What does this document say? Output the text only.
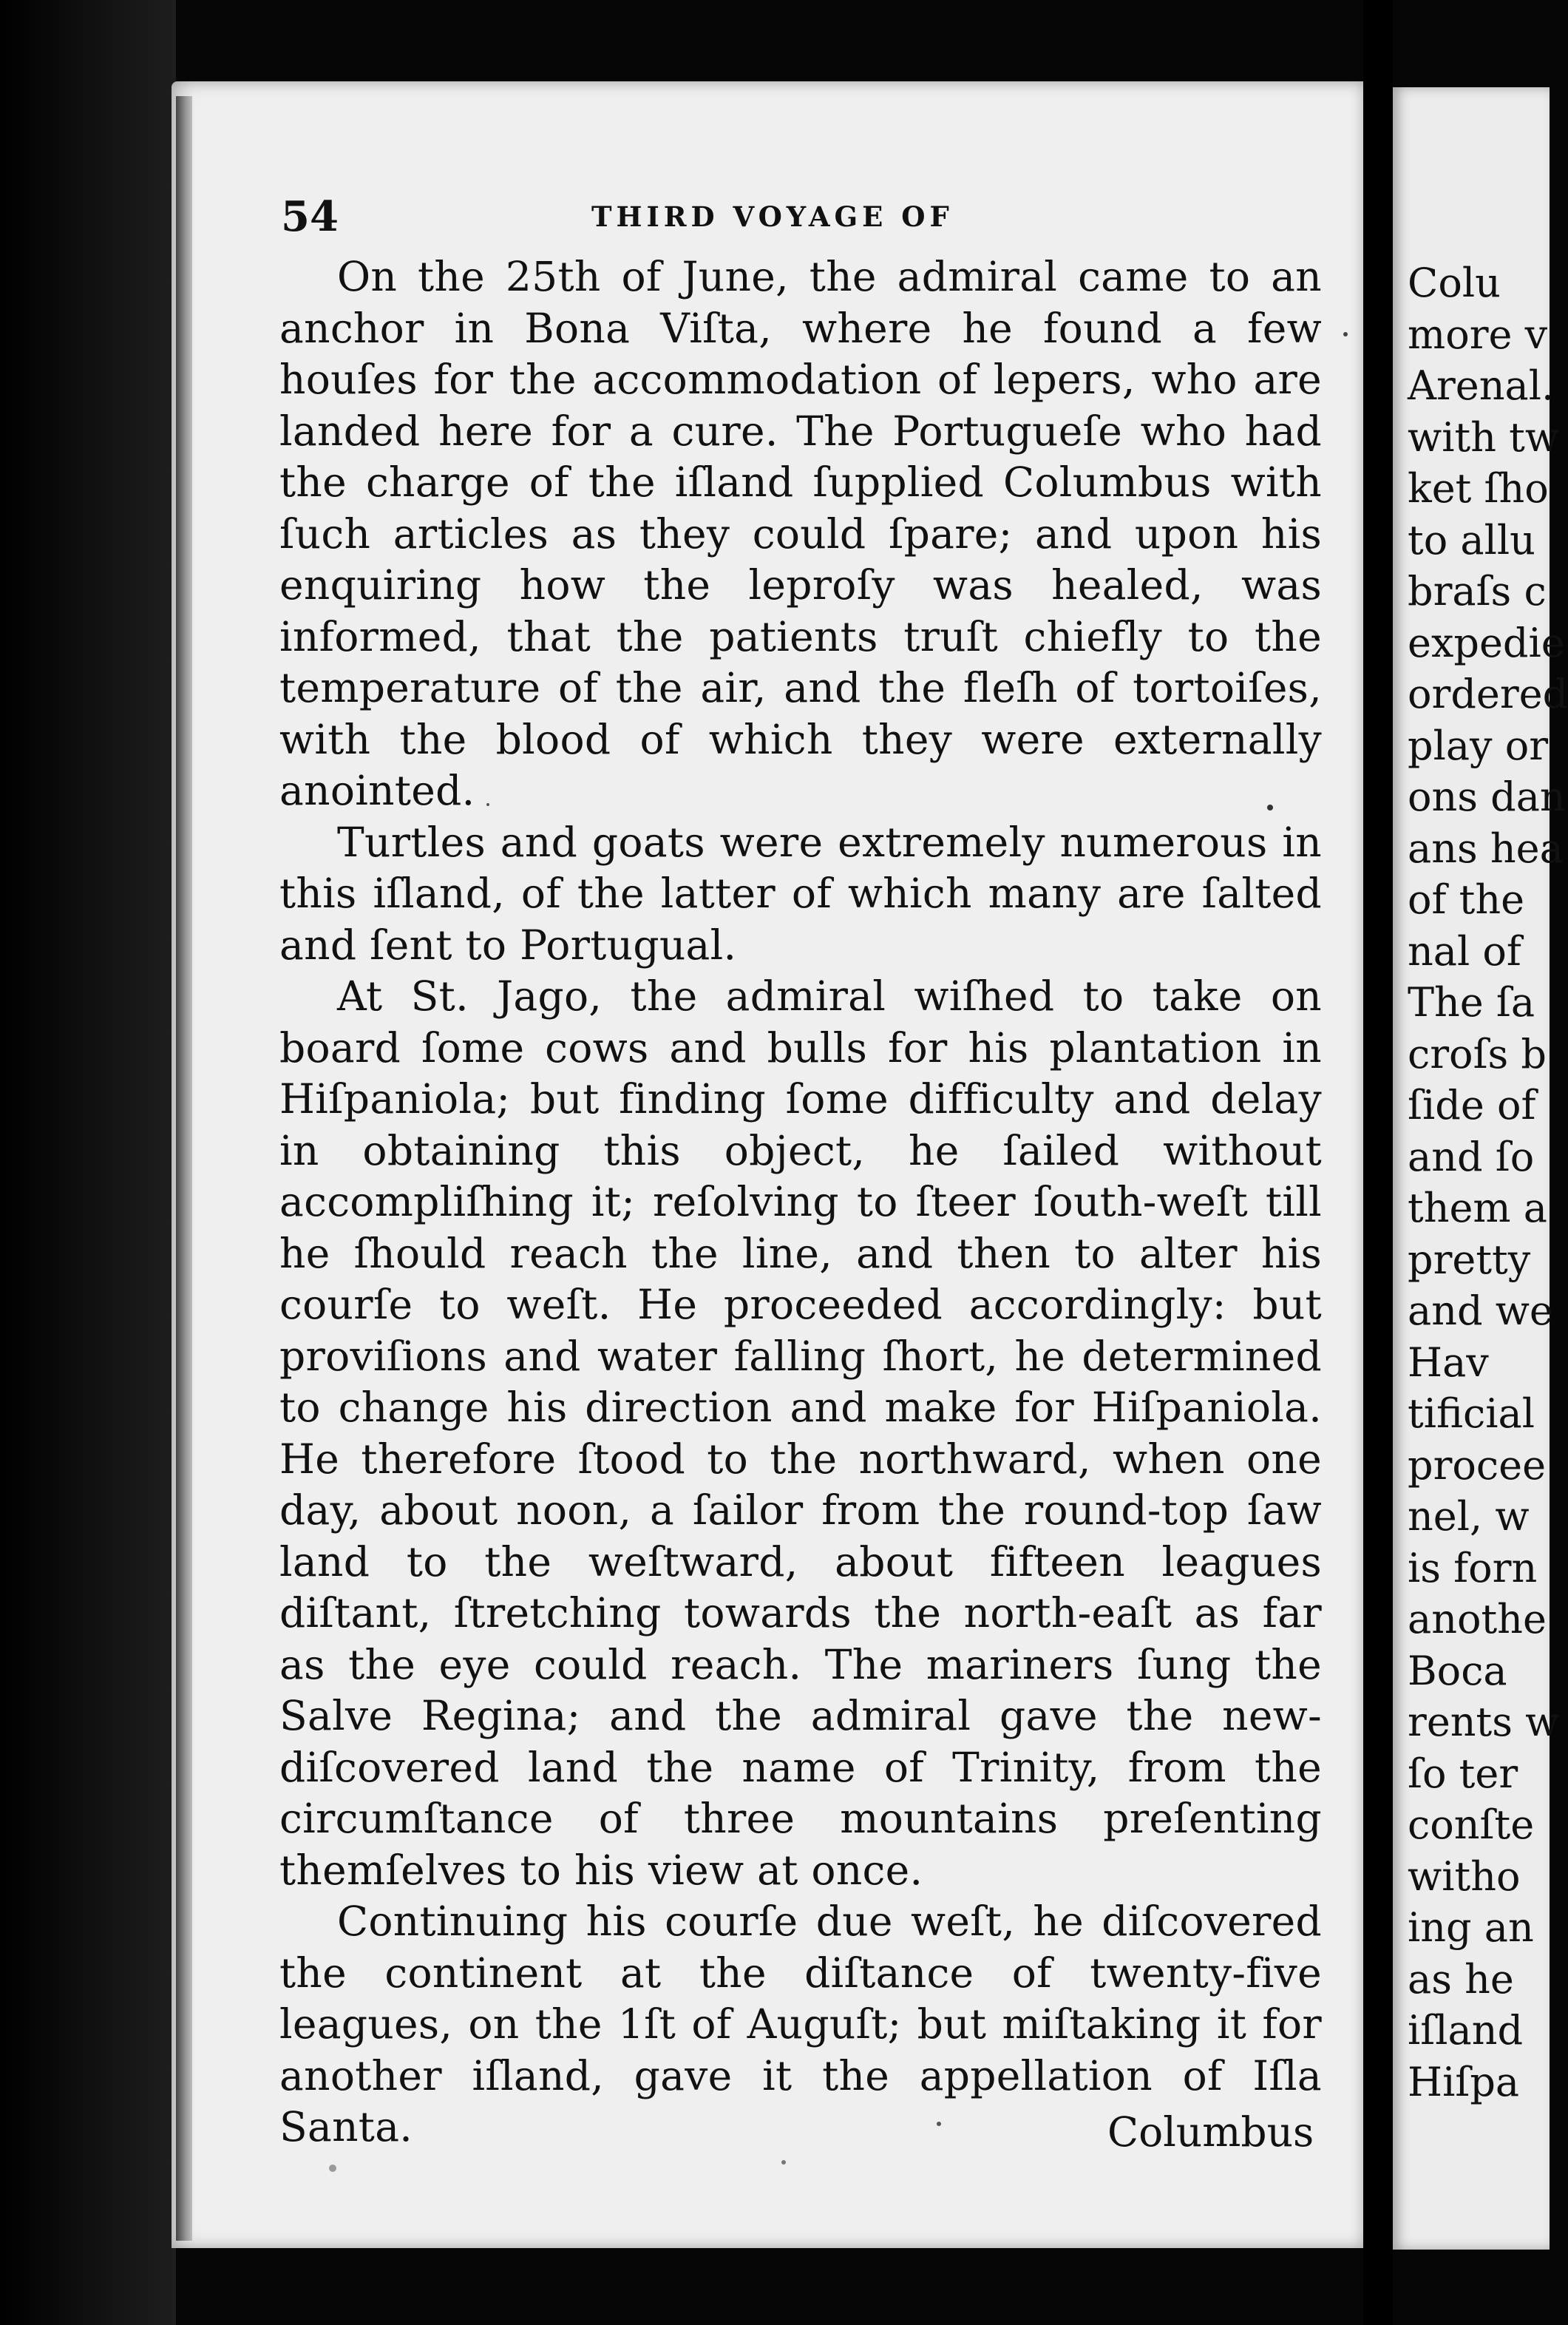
54	THIRD VOYAGE OF

On the 25th of June, the admiral came to an anchor in Bona Viſta, where he found a few houſes for the accommodation of lepers, who are landed here for a cure. The Portugueſe who had the charge of the iſland ſupplied Columbus with ſuch articles as they could ſpare; and upon his enquiring how the leproſy was healed, was informed, that the patients truſt chiefly to the temperature of the air, and the fleſh of tortoiſes, with the blood of which they were externally anointed.

Turtles and goats were extremely numerous in this iſland, of the latter of which many are ſalted and ſent to Portugual.

At St. Jago, the admiral wiſhed to take on board ſome cows and bulls for his plantation in Hiſpaniola; but finding ſome difficulty and delay in obtaining this object, he ſailed without accompliſhing it; reſolving to ſteer ſouth-weſt till he ſhould reach the line, and then to alter his courſe to weſt. He proceeded accordingly: but proviſions and water falling ſhort, he determined to change his direction and make for Hiſpaniola. He therefore ſtood to the northward, when one day, about noon, a ſailor from the round-top ſaw land to the weſtward, about fifteen leagues diſtant, ſtretching towards the north-eaſt as far as the eye could reach. The mariners ſung the Salve Regina; and the admiral gave the new-diſcovered land the name of Trinity, from the circumſtance of three mountains preſenting themſelves to his view at once.

Continuing his courſe due weſt, he diſcovered the continent at the diſtance of twenty-five leagues, on the 1ſt of Auguſt; but miſtaking it for another iſland, gave it the appellation of Iſla Santa.	Columbus
Colu
more v
Arenal.
with tw
ket ſho
to allu
braſs c
expedie
ordered
play or
ons dan
ans hea
of the
nal of
The ſa
croſs b
ſide of
and ſo
them a
pretty
and we
Hav
tificial
procee
nel, w
is forn
anothe
Boca
rents w
ſo ter
conſte
witho
ing an
as he
iſland
Hiſpa
